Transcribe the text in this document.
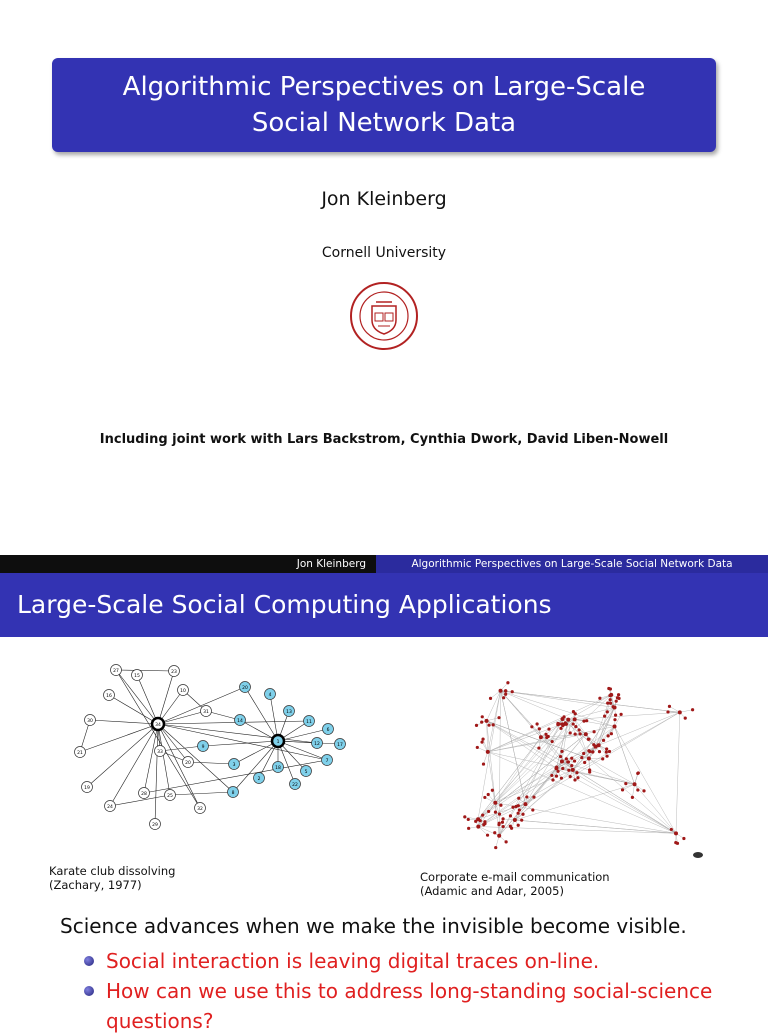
Algorithmic Perspectives on Large-Scale Social Network Data
Jon Kleinberg
Cornell University
Including joint work with Lars Backstrom, Cynthia Dwork, David Liben-Nowell
Jon Kleinberg	Algorithmic Perspectives on Large-Scale Social Network Data
Large-Scale Social Computing Applications
27
15
23
10
16
31
30
34
21	33
19
20
24
28	25
32
29
20
4
14
13
11
6
9
1	12	17
3
18
7
5
2
22
8
Karate club dissolving
(Zachary, 1977)
Corporate e-mail communication
(Adamic and Adar, 2005)
Science advances when we make the invisible become visible.
Social interaction is leaving digital traces on-line.
How can we use this to address long-standing social-science questions?
